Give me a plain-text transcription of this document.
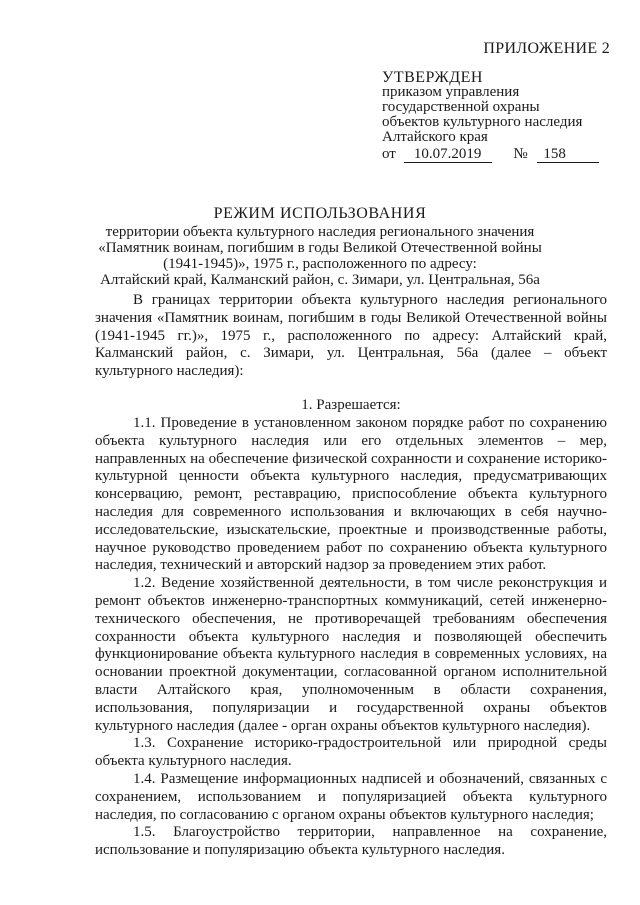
ПРИЛОЖЕНИЕ 2
УТВЕРЖДЕН
приказом управления
государственной охраны
объектов культурного наследия
Алтайского края
от 10.07.2019 № 158
РЕЖИМ ИСПОЛЬЗОВАНИЯ
территории объекта культурного наследия регионального значения
«Памятник воинам, погибшим в годы Великой Отечественной войны
(1941-1945)», 1975 г., расположенного по адресу:
Алтайский край, Калманский район, с. Зимари, ул. Центральная, 56а

В границах территории объекта культурного наследия регионального значения «Памятник воинам, погибшим в годы Великой Отечественной войны (1941-1945 гг.)», 1975 г., расположенного по адресу: Алтайский край, Калманский район, с. Зимари, ул. Центральная, 56а (далее – объект культурного наследия):

1. Разрешается:

1.1. Проведение в установленном законом порядке работ по сохранению объекта культурного наследия или его отдельных элементов – мер, направленных на обеспечение физической сохранности и сохранение историко-культурной ценности объекта культурного наследия, предусматривающих консервацию, ремонт, реставрацию, приспособление объекта культурного наследия для современного использования и включающих в себя научно-исследовательские, изыскательские, проектные и производственные работы, научное руководство проведением работ по сохранению объекта культурного наследия, технический и авторский надзор за проведением этих работ.

1.2. Ведение хозяйственной деятельности, в том числе реконструкция и ремонт объектов инженерно-транспортных коммуникаций, сетей инженерно-технического обеспечения, не противоречащей требованиям обеспечения сохранности объекта культурного наследия и позволяющей обеспечить функционирование объекта культурного наследия в современных условиях, на основании проектной документации, согласованной органом исполнительной власти Алтайского края, уполномоченным в области сохранения, использования, популяризации и государственной охраны объектов культурного наследия (далее - орган охраны объектов культурного наследия).

1.3. Сохранение историко-градостроительной или природной среды объекта культурного наследия.

1.4. Размещение информационных надписей и обозначений, связанных с сохранением, использованием и популяризацией объекта культурного наследия, по согласованию с органом охраны объектов культурного наследия;

1.5. Благоустройство территории, направленное на сохранение, использование и популяризацию объекта культурного наследия.
